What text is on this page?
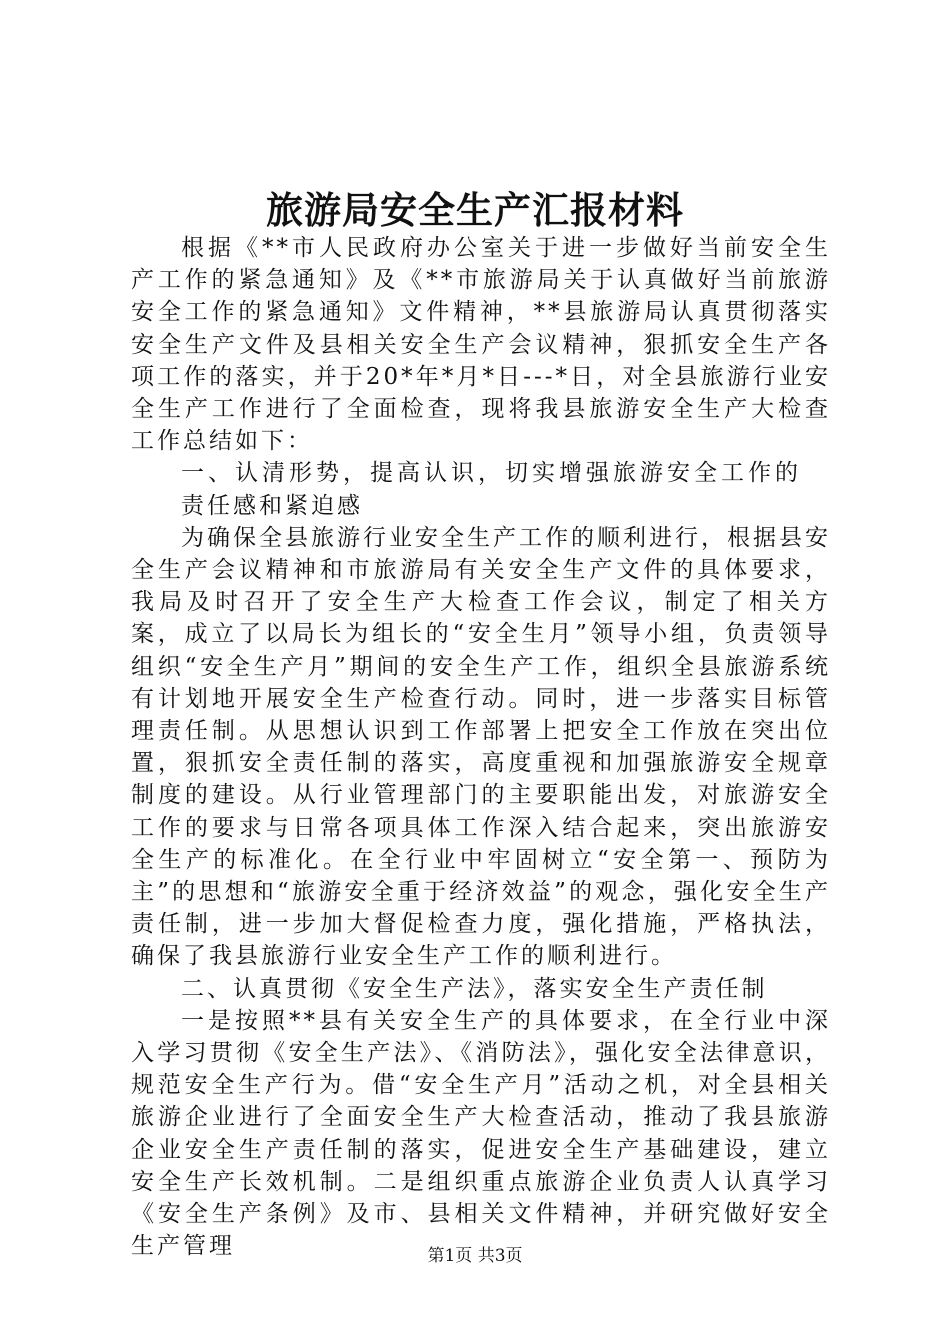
旅游局安全生产汇报材料

根据《**市人民政府办公室关于进一步做好当前安全生产工作的紧急通知》及《**市旅游局关于认真做好当前旅游安全工作的紧急通知》文件精神，**县旅游局认真贯彻落实安全生产文件及县相关安全生产会议精神，狠抓安全生产各项工作的落实，并于20*年*月*日---*日，对全县旅游行业安全生产工作进行了全面检查，现将我县旅游安全生产大检查工作总结如下：

一、认清形势，提高认识，切实增强旅游安全工作的责任感和紧迫感

为确保全县旅游行业安全生产工作的顺利进行，根据县安全生产会议精神和市旅游局有关安全生产文件的具体要求，我局及时召开了安全生产大检查工作会议，制定了相关方案，成立了以局长为组长的“安全生月”领导小组，负责领导组织“安全生产月”期间的安全生产工作，组织全县旅游系统有计划地开展安全生产检查行动。同时，进一步落实目标管理责任制。从思想认识到工作部署上把安全工作放在突出位置，狠抓安全责任制的落实，高度重视和加强旅游安全规章制度的建设。从行业管理部门的主要职能出发，对旅游安全工作的要求与日常各项具体工作深入结合起来，突出旅游安全生产的标准化。在全行业中牢固树立“安全第一、预防为主”的思想和“旅游安全重于经济效益”的观念，强化安全生产责任制，进一步加大督促检查力度，强化措施，严格执法，确保了我县旅游行业安全生产工作的顺利进行。

二、认真贯彻《安全生产法》，落实安全生产责任制

一是按照**县有关安全生产的具体要求，在全行业中深入学习贯彻《安全生产法》、《消防法》，强化安全法律意识，规范安全生产行为。借“安全生产月”活动之机，对全县相关旅游企业进行了全面安全生产大检查活动，推动了我县旅游企业安全生产责任制的落实，促进安全生产基础建设，建立安全生产长效机制。二是组织重点旅游企业负责人认真学习《安全生产条例》及市、县相关文件精神，并研究做好安全生产管理	第1页 共3页
